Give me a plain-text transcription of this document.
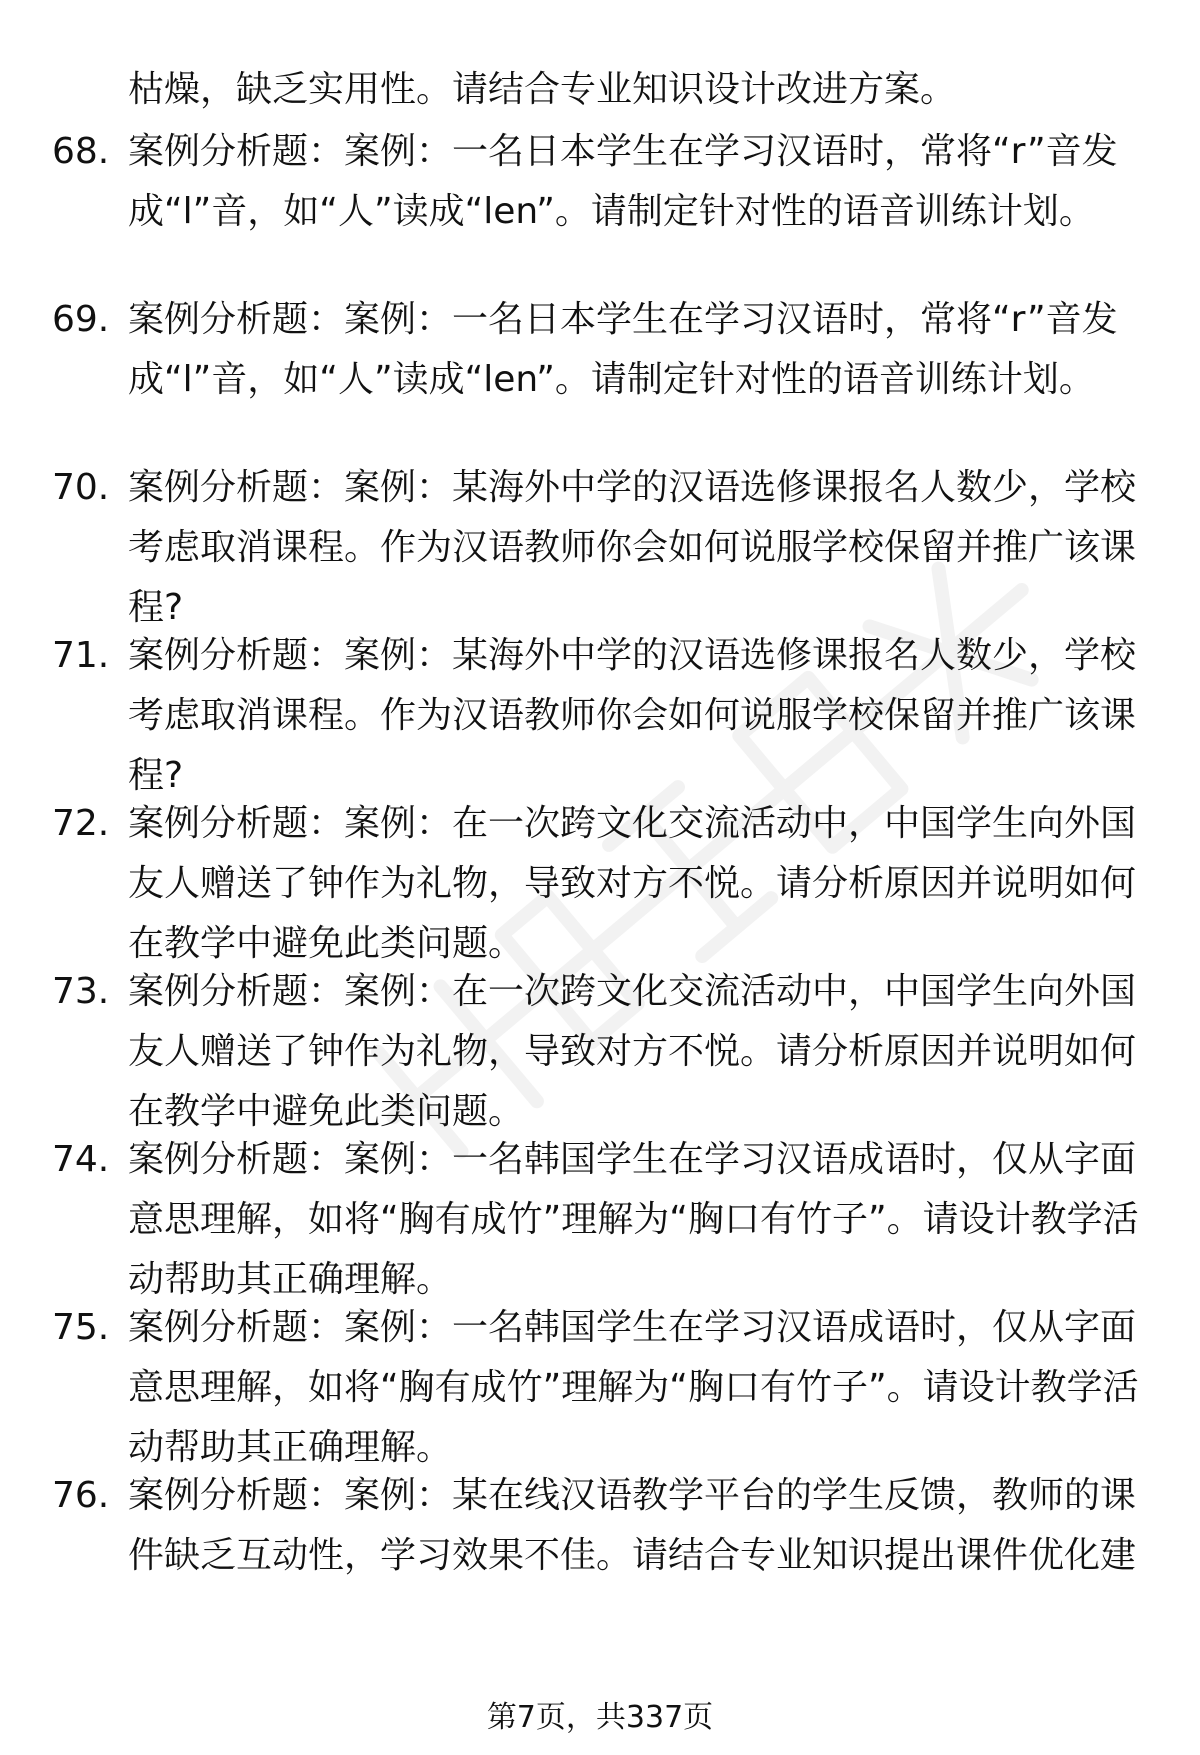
枯燥，缺乏实用性。请结合专业知识设计改进方案。

68. 案例分析题：案例：一名日本学生在学习汉语时，常将“r”音发成“l”音，如“人”读成“len”。请制定针对性的语音训练计划。
69. 案例分析题：案例：一名日本学生在学习汉语时，常将“r”音发成“l”音，如“人”读成“len”。请制定针对性的语音训练计划。
70. 案例分析题：案例：某海外中学的汉语选修课报名人数少，学校考虑取消课程。作为汉语教师你会如何说服学校保留并推广该课程?
71. 案例分析题：案例：某海外中学的汉语选修课报名人数少，学校考虑取消课程。作为汉语教师你会如何说服学校保留并推广该课程?
72. 案例分析题：案例：在一次跨文化交流活动中，中国学生向外国友人赠送了钟作为礼物，导致对方不悦。请分析原因并说明如何在教学中避免此类问题。
73. 案例分析题：案例：在一次跨文化交流活动中，中国学生向外国友人赠送了钟作为礼物，导致对方不悦。请分析原因并说明如何在教学中避免此类问题。
74. 案例分析题：案例：一名韩国学生在学习汉语成语时，仅从字面意思理解，如将“胸有成竹”理解为“胸口有竹子”。请设计教学活动帮助其正确理解。
75. 案例分析题：案例：一名韩国学生在学习汉语成语时，仅从字面意思理解，如将“胸有成竹”理解为“胸口有竹子”。请设计教学活动帮助其正确理解。
76. 案例分析题：案例：某在线汉语教学平台的学生反馈，教师的课件缺乏互动性，学习效果不佳。请结合专业知识提出课件优化建
第7页，共337页
